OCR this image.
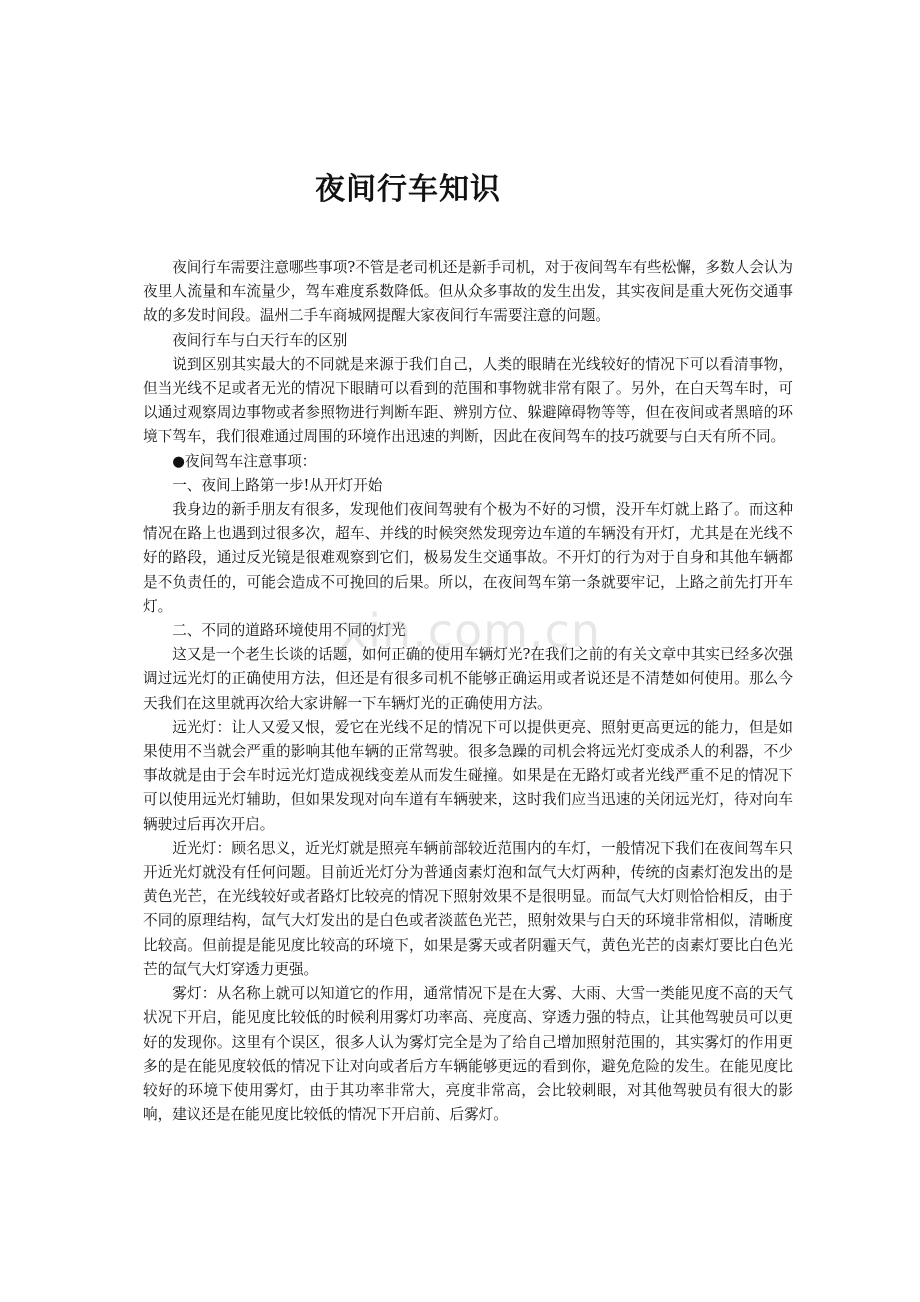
夜间行车知识

夜间行车需要注意哪些事项?不管是老司机还是新手司机，对于夜间驾车有些松懈，多数人会认为夜里人流量和车流量少，驾车难度系数降低。但从众多事故的发生出发，其实夜间是重大死伤交通事故的多发时间段。温州二手车商城网提醒大家夜间行车需要注意的问题。

夜间行车与白天行车的区别

说到区别其实最大的不同就是来源于我们自己，人类的眼睛在光线较好的情况下可以看清事物，但当光线不足或者无光的情况下眼睛可以看到的范围和事物就非常有限了。另外，在白天驾车时，可以通过观察周边事物或者参照物进行判断车距、辨别方位、躲避障碍物等等，但在夜间或者黑暗的环境下驾车，我们很难通过周围的环境作出迅速的判断，因此在夜间驾车的技巧就要与白天有所不同。

●夜间驾车注意事项：

一、夜间上路第一步!从开灯开始

我身边的新手朋友有很多，发现他们夜间驾驶有个极为不好的习惯，没开车灯就上路了。而这种情况在路上也遇到过很多次，超车、并线的时候突然发现旁边车道的车辆没有开灯，尤其是在光线不好的路段，通过反光镜是很难观察到它们，极易发生交通事故。不开灯的行为对于自身和其他车辆都是不负责任的，可能会造成不可挽回的后果。所以，在夜间驾车第一条就要牢记，上路之前先打开车灯。

二、不同的道路环境使用不同的灯光

这又是一个老生长谈的话题，如何正确的使用车辆灯光?在我们之前的有关文章中其实已经多次强调过远光灯的正确使用方法，但还是有很多司机不能够正确运用或者说还是不清楚如何使用。那么今天我们在这里就再次给大家讲解一下车辆灯光的正确使用方法。

远光灯：让人又爱又恨，爱它在光线不足的情况下可以提供更亮、照射更高更远的能力，但是如果使用不当就会严重的影响其他车辆的正常驾驶。很多急躁的司机会将远光灯变成杀人的利器，不少事故就是由于会车时远光灯造成视线变差从而发生碰撞。如果是在无路灯或者光线严重不足的情况下可以使用远光灯辅助，但如果发现对向车道有车辆驶来，这时我们应当迅速的关闭远光灯，待对向车辆驶过后再次开启。

近光灯：顾名思义，近光灯就是照亮车辆前部较近范围内的车灯，一般情况下我们在夜间驾车只开近光灯就没有任何问题。目前近光灯分为普通卤素灯泡和氙气大灯两种，传统的卤素灯泡发出的是黄色光芒，在光线较好或者路灯比较亮的情况下照射效果不是很明显。而氙气大灯则恰恰相反，由于不同的原理结构，氙气大灯发出的是白色或者淡蓝色光芒，照射效果与白天的环境非常相似，清晰度比较高。但前提是能见度比较高的环境下，如果是雾天或者阴霾天气，黄色光芒的卤素灯要比白色光芒的氙气大灯穿透力更强。

雾灯：从名称上就可以知道它的作用，通常情况下是在大雾、大雨、大雪一类能见度不高的天气状况下开启，能见度比较低的时候利用雾灯功率高、亮度高、穿透力强的特点，让其他驾驶员可以更好的发现你。这里有个误区，很多人认为雾灯完全是为了给自己增加照射范围的，其实雾灯的作用更多的是在能见度较低的情况下让对向或者后方车辆能够更远的看到你，避免危险的发生。在能见度比较好的环境下使用雾灯，由于其功率非常大，亮度非常高，会比较刺眼，对其他驾驶员有很大的影响，建议还是在能见度比较低的情况下开启前、后雾灯。

xin.com.cn
